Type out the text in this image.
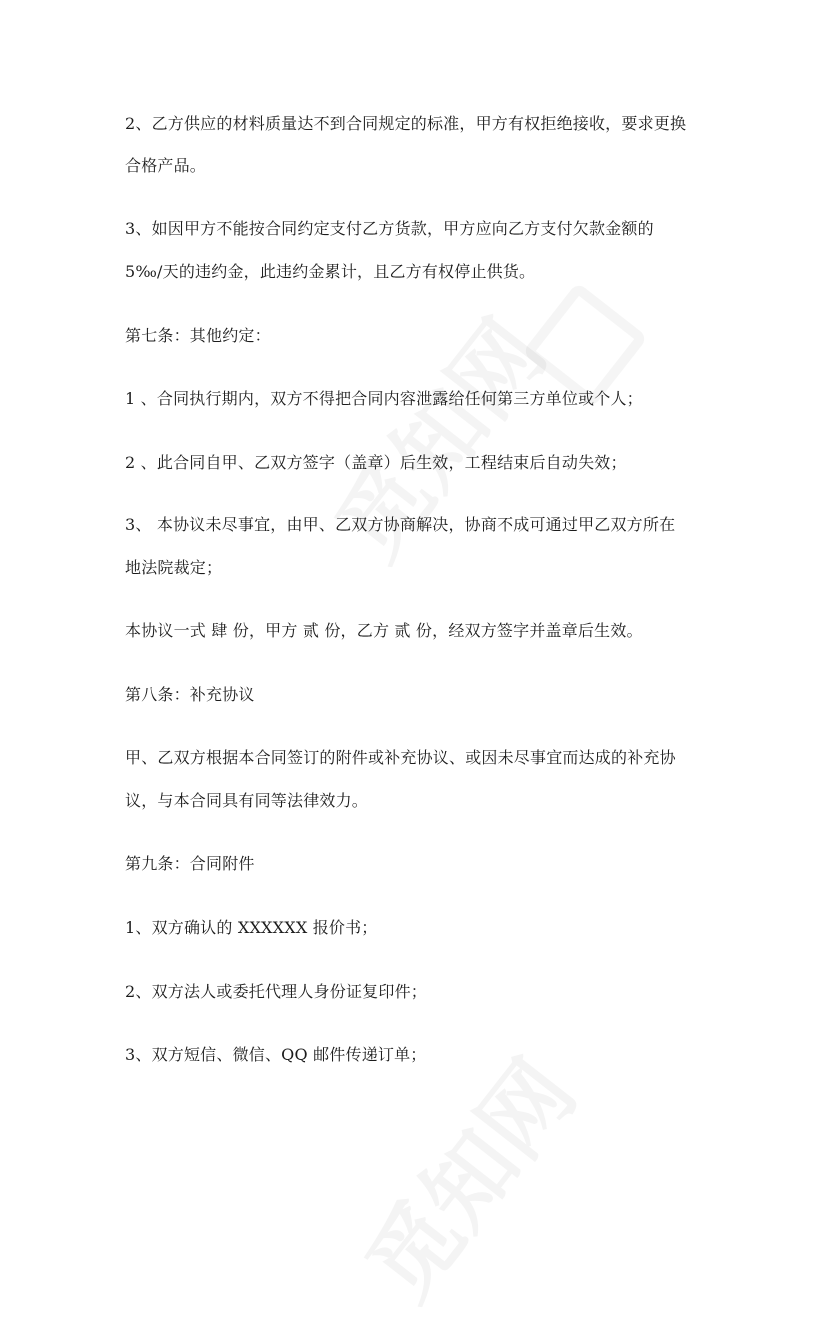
2、乙方供应的材料质量达不到合同规定的标准，甲方有权拒绝接收，要求更换
合格产品。
3、如因甲方不能按合同约定支付乙方货款，甲方应向乙方支付欠款金额的
5‰/天的违约金，此违约金累计，且乙方有权停止供货。
第七条：其他约定：
1 、合同执行期内，双方不得把合同内容泄露给任何第三方单位或个人；
2 、此合同自甲、乙双方签字（盖章）后生效，工程结束后自动失效；
3、 本协议未尽事宜，由甲、乙双方协商解决，协商不成可通过甲乙双方所在
地法院裁定；
本协议一式 肆 份，甲方 贰 份，乙方 贰 份，经双方签字并盖章后生效。
第八条：补充协议
甲、乙双方根据本合同签订的附件或补充协议、或因未尽事宜而达成的补充协
议，与本合同具有同等法律效力。
第九条：合同附件
1、双方确认的 XXXXXX 报价书；
2、双方法人或委托代理人身份证复印件；
3、双方短信、微信、QQ 邮件传递订单；
